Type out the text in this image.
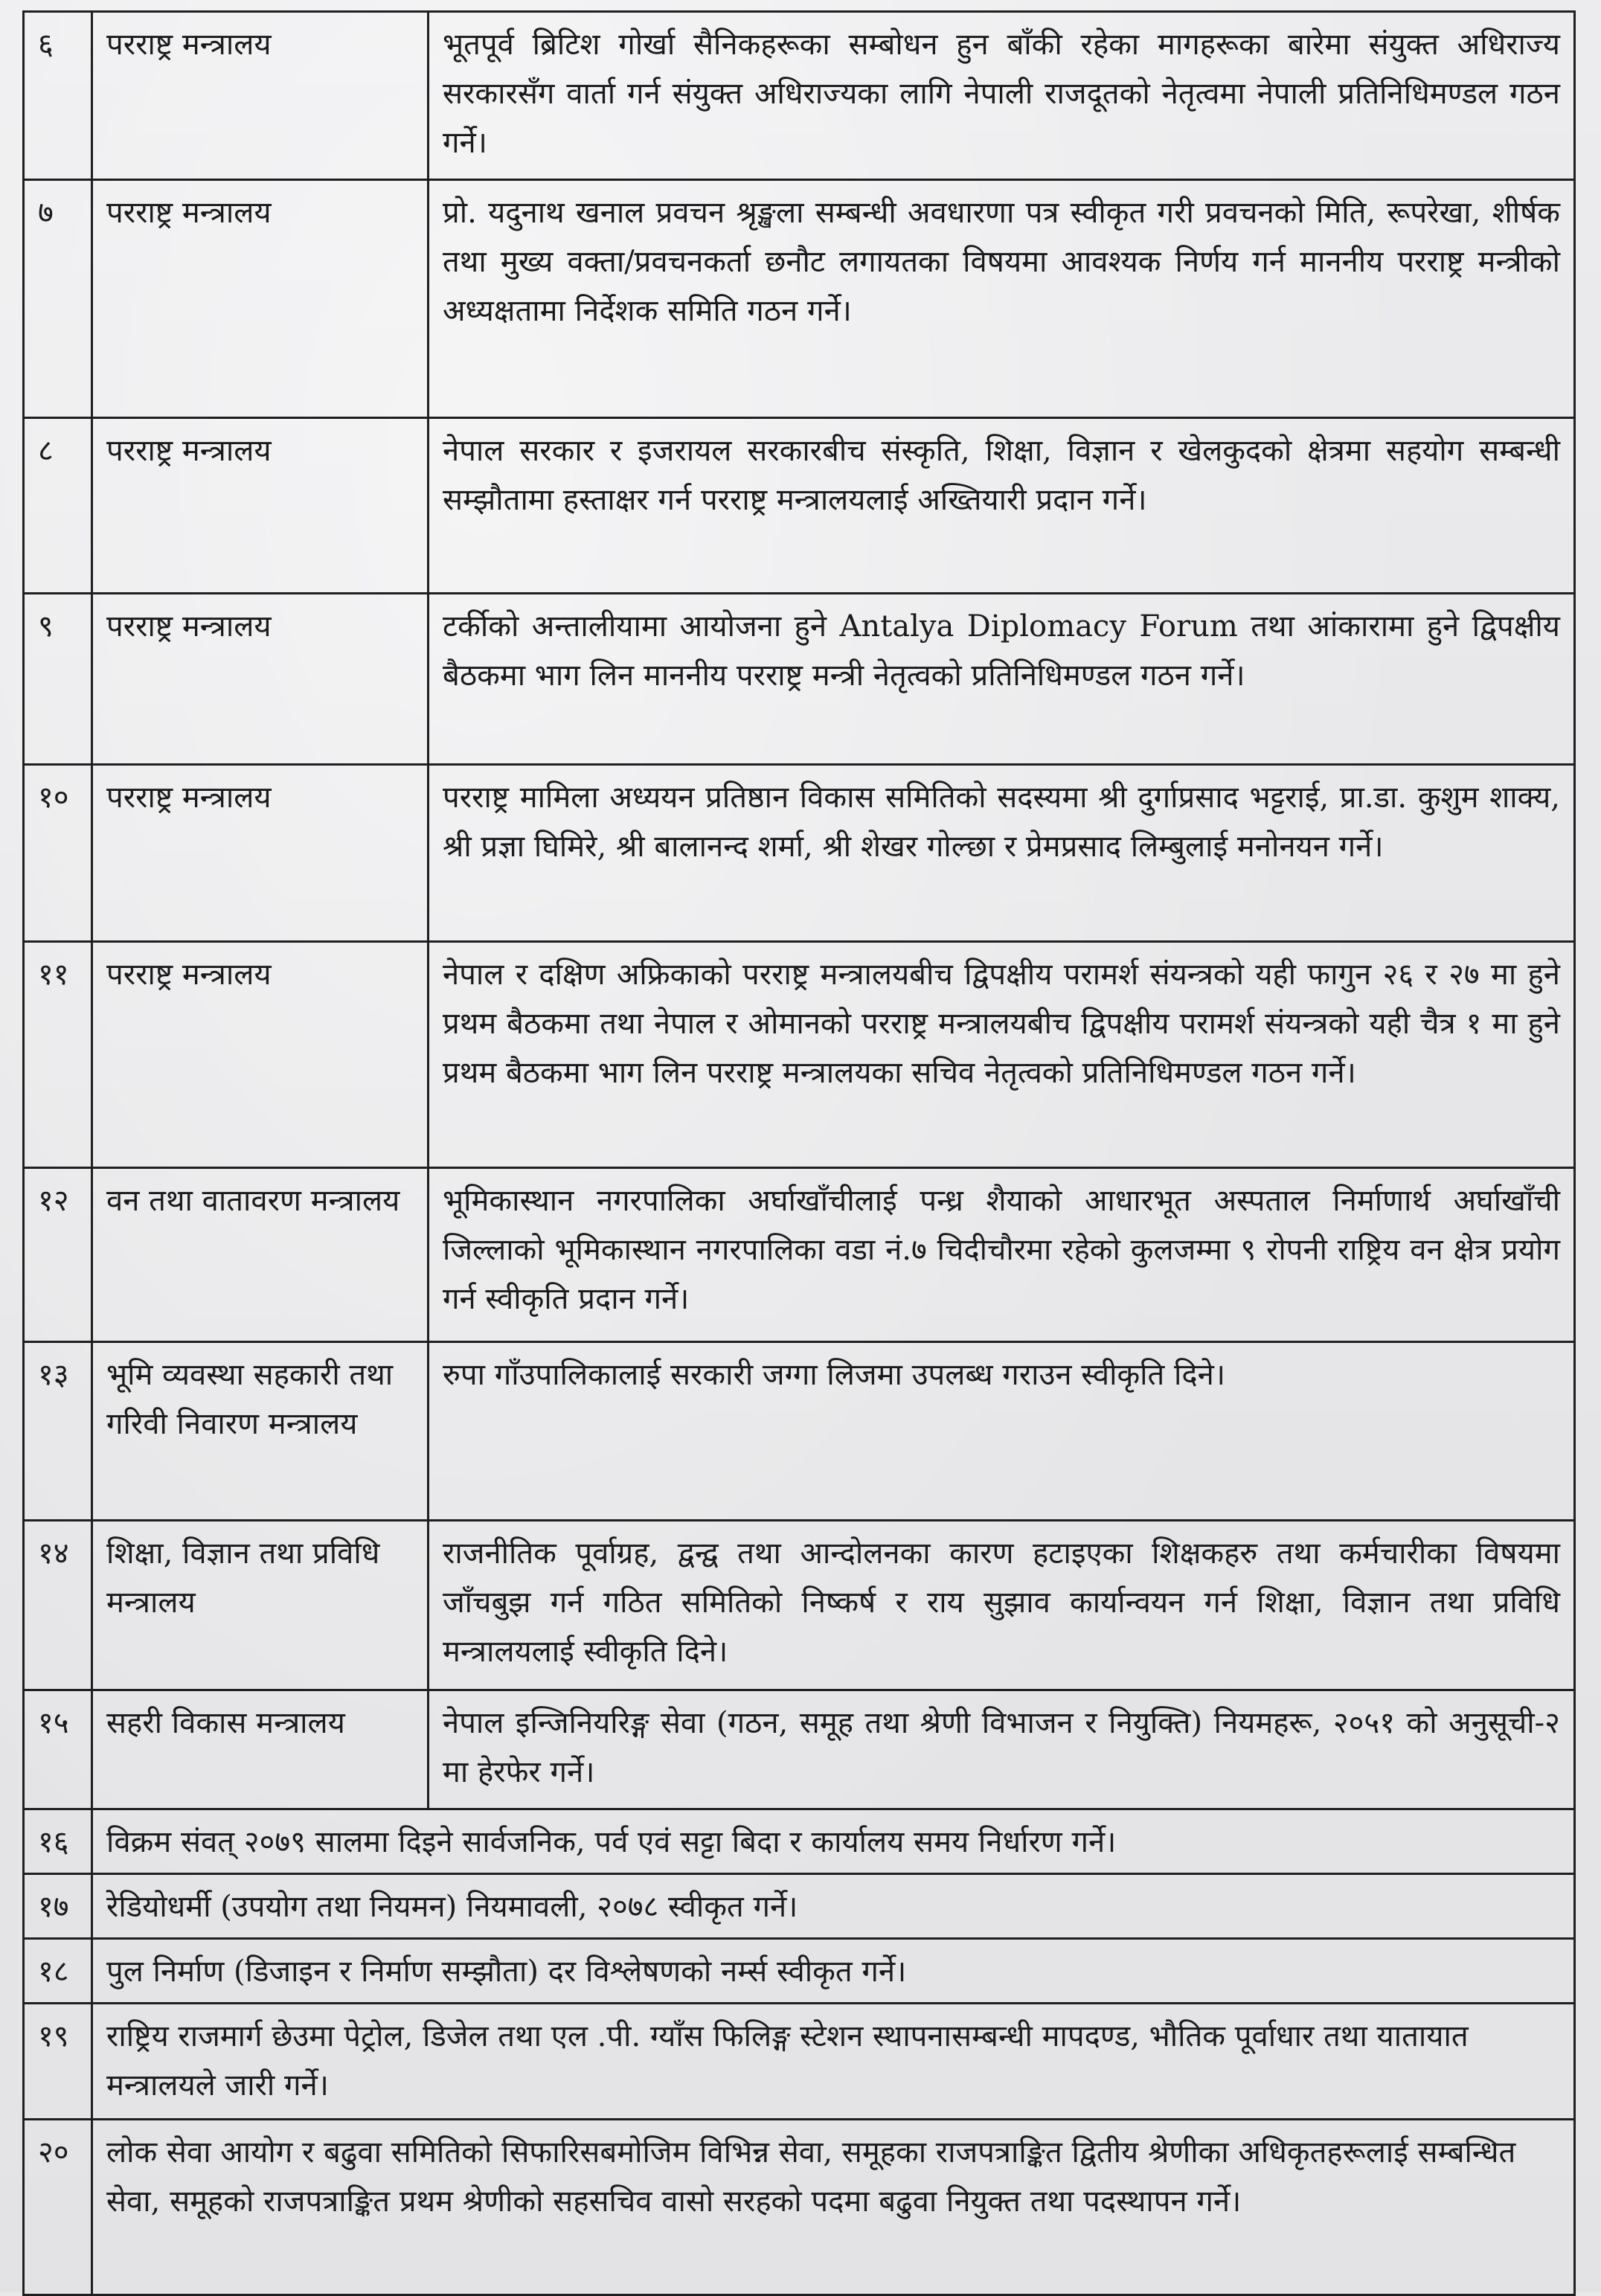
६	परराष्ट्र मन्त्रालय	भूतपूर्व ब्रिटिश गोर्खा सैनिकहरूका सम्बोधन हुन बाँकी रहेका मागहरूका बारेमा संयुक्त अधिराज्य सरकारसँग वार्ता गर्न संयुक्त अधिराज्यका लागि नेपाली राजदूतको नेतृत्वमा नेपाली प्रतिनिधिमण्डल गठन गर्ने।
७	परराष्ट्र मन्त्रालय	प्रो. यदुनाथ खनाल प्रवचन श्रृङ्खला सम्बन्धी अवधारणा पत्र स्वीकृत गरी प्रवचनको मिति, रूपरेखा, शीर्षक तथा मुख्य वक्ता/प्रवचनकर्ता छनौट लगायतका विषयमा आवश्यक निर्णय गर्न माननीय परराष्ट्र मन्त्रीको अध्यक्षतामा निर्देशक समिति गठन गर्ने।
८	परराष्ट्र मन्त्रालय	नेपाल सरकार र इजरायल सरकारबीच संस्कृति, शिक्षा, विज्ञान र खेलकुदको क्षेत्रमा सहयोग सम्बन्धी सम्झौतामा हस्ताक्षर गर्न परराष्ट्र मन्त्रालयलाई अख्तियारी प्रदान गर्ने।
९	परराष्ट्र मन्त्रालय	टर्कीको अन्तालीयामा आयोजना हुने Antalya Diplomacy Forum तथा आंकारामा हुने द्विपक्षीय बैठकमा भाग लिन माननीय परराष्ट्र मन्त्री नेतृत्वको प्रतिनिधिमण्डल गठन गर्ने।
१०	परराष्ट्र मन्त्रालय	परराष्ट्र मामिला अध्ययन प्रतिष्ठान विकास समितिको सदस्यमा श्री दुर्गाप्रसाद भट्टराई, प्रा.डा. कुशुम शाक्य, श्री प्रज्ञा घिमिरे, श्री बालानन्द शर्मा, श्री शेखर गोल्छा र प्रेमप्रसाद लिम्बुलाई मनोनयन गर्ने।
११	परराष्ट्र मन्त्रालय	नेपाल र दक्षिण अफ्रिकाको परराष्ट्र मन्त्रालयबीच द्विपक्षीय परामर्श संयन्त्रको यही फागुन २६ र २७ मा हुने प्रथम बैठकमा तथा नेपाल र ओमानको परराष्ट्र मन्त्रालयबीच द्विपक्षीय परामर्श संयन्त्रको यही चैत्र १ मा हुने प्रथम बैठकमा भाग लिन परराष्ट्र मन्त्रालयका सचिव नेतृत्वको प्रतिनिधिमण्डल गठन गर्ने।
१२	वन तथा वातावरण मन्त्रालय	भूमिकास्थान नगरपालिका अर्घाखाँचीलाई पन्ध्र शैयाको आधारभूत अस्पताल निर्माणार्थ अर्घाखाँची जिल्लाको भूमिकास्थान नगरपालिका वडा नं.७ चिदीचौरमा रहेको कुलजम्मा ९ रोपनी राष्ट्रिय वन क्षेत्र प्रयोग गर्न स्वीकृति प्रदान गर्ने।
१३	भूमि व्यवस्था सहकारी तथा गरिवी निवारण मन्त्रालय	रुपा गाँउपालिकालाई सरकारी जग्गा लिजमा उपलब्ध गराउन स्वीकृति दिने।
१४	शिक्षा, विज्ञान तथा प्रविधि मन्त्रालय	राजनीतिक पूर्वाग्रह, द्वन्द्व तथा आन्दोलनका कारण हटाइएका शिक्षकहरु तथा कर्मचारीका विषयमा जाँचबुझ गर्न गठित समितिको निष्कर्ष र राय सुझाव कार्यान्वयन गर्न शिक्षा, विज्ञान तथा प्रविधि मन्त्रालयलाई स्वीकृति दिने।
१५	सहरी विकास मन्त्रालय	नेपाल इन्जिनियरिङ्ग सेवा (गठन, समूह तथा श्रेणी विभाजन र नियुक्ति) नियमहरू, २०५१ को अनुसूची-२ मा हेरफेर गर्ने।
१६	विक्रम संवत् २०७९ सालमा दिइने सार्वजनिक, पर्व एवं सट्टा बिदा र कार्यालय समय निर्धारण गर्ने।	
१७	रेडियोधर्मी (उपयोग तथा नियमन) नियमावली, २०७८ स्वीकृत गर्ने।	
१८	पुल निर्माण (डिजाइन र निर्माण सम्झौता) दर विश्लेषणको नर्म्स स्वीकृत गर्ने।	
१९	राष्ट्रिय राजमार्ग छेउमा पेट्रोल, डिजेल तथा एल .पी. ग्याँस फिलिङ्ग स्टेशन स्थापनासम्बन्धी मापदण्ड, भौतिक पूर्वाधार तथा यातायात मन्त्रालयले जारी गर्ने।	
२०	लोक सेवा आयोग र बढुवा समितिको सिफारिसबमोजिम विभिन्न सेवा, समूहका राजपत्राङ्कित द्वितीय श्रेणीका अधिकृतहरूलाई सम्बन्धित सेवा, समूहको राजपत्राङ्कित प्रथम श्रेणीको सहसचिव वासो सरहको पदमा बढुवा नियुक्त तथा पदस्थापन गर्ने।	
